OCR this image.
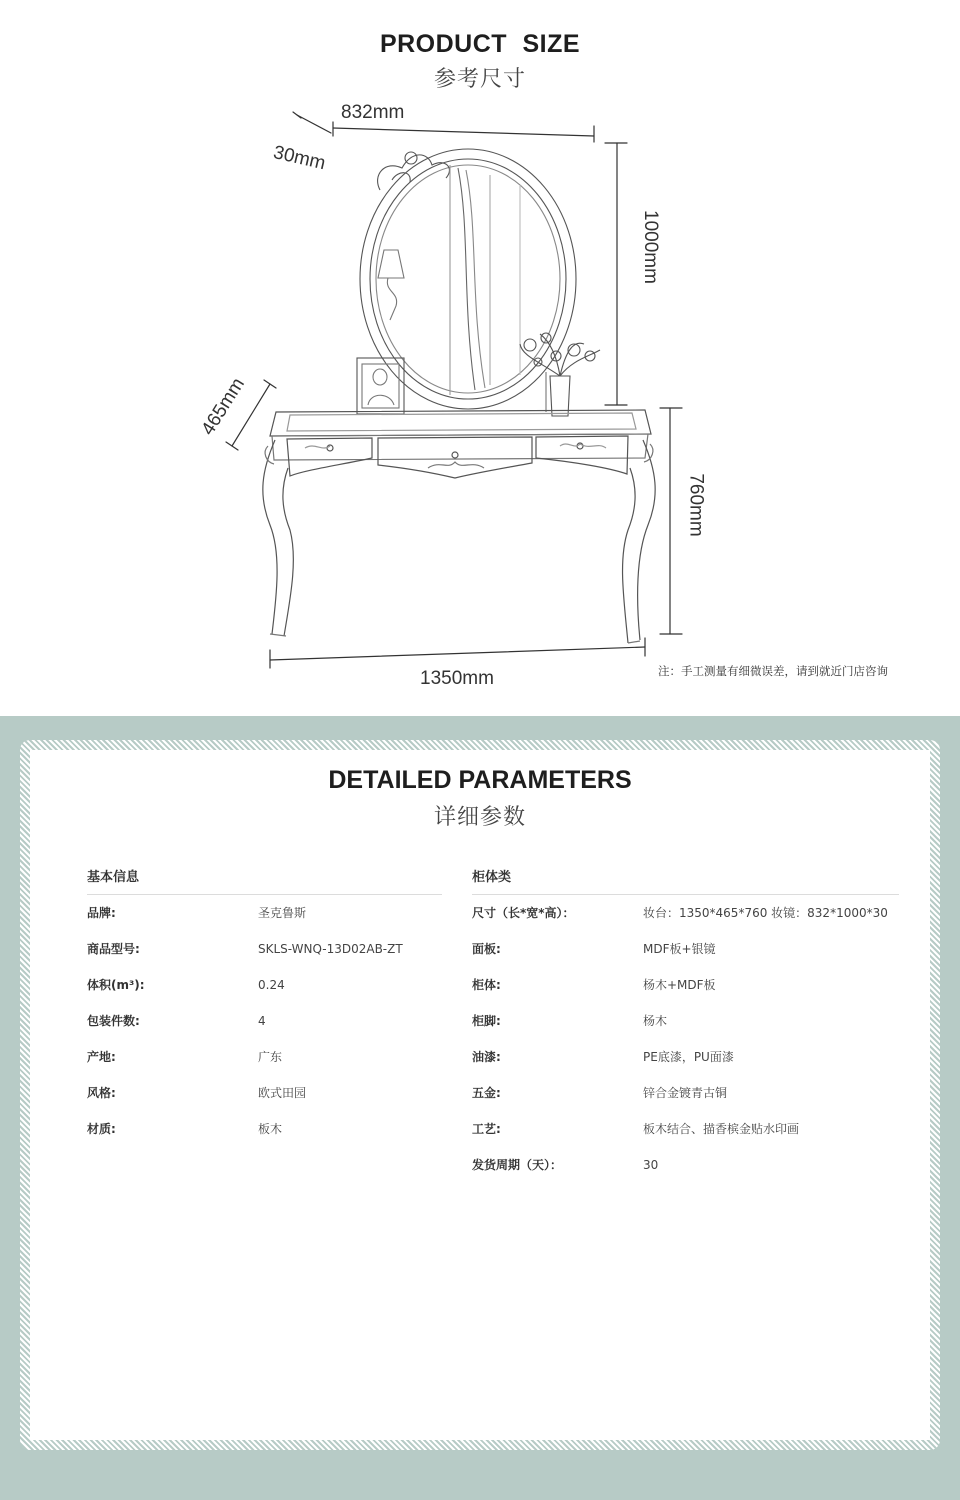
PRODUCT SIZE
参考尺寸
832mm
30mm
1000mm
465mm
760mm
1350mm	注：手工测量有细微误差，请到就近门店咨询
DETAILED PARAMETERS
详细参数
基本信息
品牌:	圣克鲁斯
商品型号:	SKLS-WNQ-13D02AB-ZT
体积(m³):	0.24
包装件数:	4
产地:	广东
风格:	欧式田园
材质:	板木
柜体类
尺寸（长*宽*高）：	妆台：1350*465*760 妆镜：832*1000*30
面板:	MDF板+银镜
柜体:	杨木+MDF板
柜脚:	杨木
油漆:	PE底漆，PU面漆
五金:	锌合金镀青古铜
工艺:	板木结合、描香槟金贴水印画
发货周期（天）：	30
